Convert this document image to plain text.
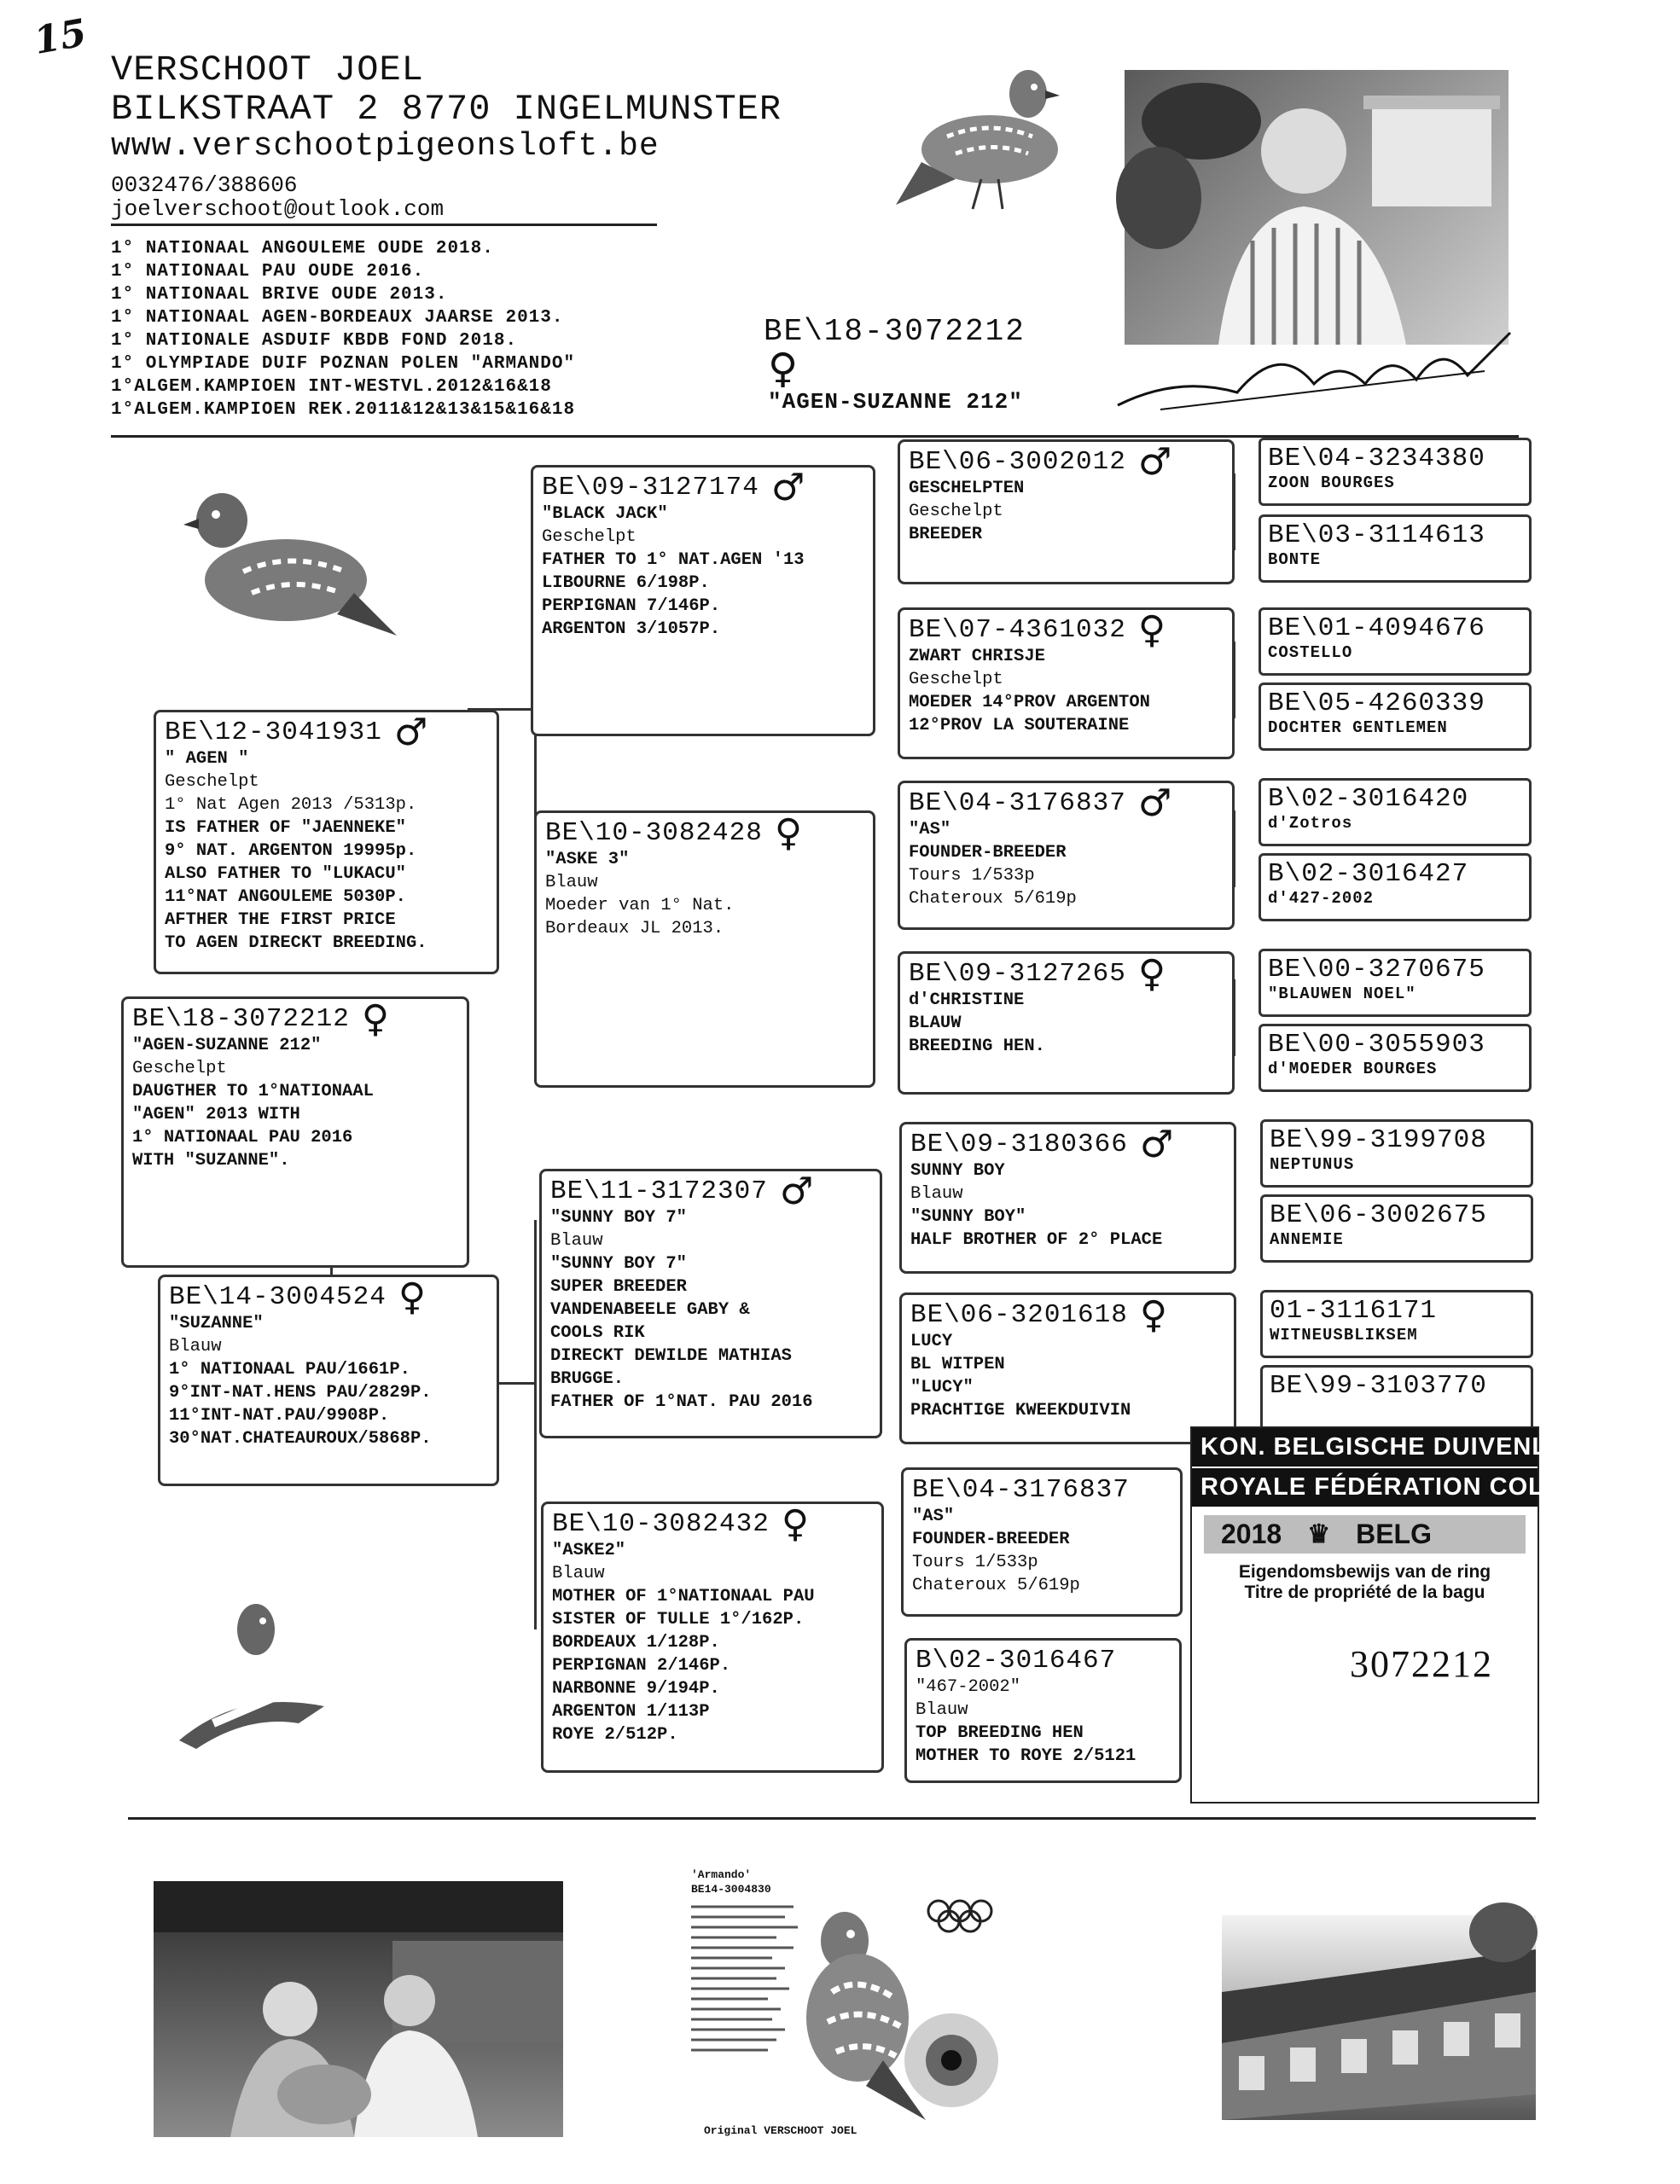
15
VERSCHOOT JOEL
BILKSTRAAT 2 8770 INGELMUNSTER
www.verschootpigeonsloft.be
0032476/388606
joelverschoot@outlook.com
1° NATIONAAL ANGOULEME OUDE 2018.
1° NATIONAAL PAU OUDE 2016.
1° NATIONAAL BRIVE OUDE 2013.
1° NATIONAAL AGEN-BORDEAUX JAARSE 2013.
1° NATIONALE ASDUIF KBDB FOND 2018.
1° OLYMPIADE DUIF POZNAN POLEN "ARMANDO"
1°ALGEM.KAMPIOEN INT-WESTVL.2012&16&18
1°ALGEM.KAMPIOEN REK.2011&12&13&15&16&18
BE\18-3072212
♀
"AGEN-SUZANNE 212"
BE\18-3072212 ♀
"AGEN-SUZANNE 212"
Geschelpt
DAUGTHER TO 1°NATIONAAL
"AGEN" 2013 WITH
1° NATIONAAL PAU 2016
WITH "SUZANNE".
BE\12-3041931 ♂
" AGEN "
Geschelpt
1° Nat Agen 2013 /5313p.
IS FATHER OF "JAENNEKE"
9° NAT. ARGENTON 19995p.
ALSO FATHER TO "LUKACU"
11°NAT ANGOULEME 5030P.
AFTHER THE FIRST PRICE
TO AGEN DIRECKT BREEDING.
BE\14-3004524 ♀
"SUZANNE"
Blauw
1° NATIONAAL PAU/1661P.
9°INT-NAT.HENS PAU/2829P.
11°INT-NAT.PAU/9908P.
30°NAT.CHATEAUROUX/5868P.
BE\09-3127174 ♂
"BLACK JACK"
Geschelpt
FATHER TO 1° NAT.AGEN '13
LIBOURNE 6/198P.
PERPIGNAN 7/146P.
ARGENTON 3/1057P.
BE\10-3082428 ♀
"ASKE 3"
Blauw
Moeder van 1° Nat.
Bordeaux JL 2013.
BE\11-3172307 ♂
"SUNNY BOY 7"
Blauw
"SUNNY BOY 7"
SUPER BREEDER
VANDENABEELE GABY &
COOLS RIK
DIRECKT DEWILDE MATHIAS
BRUGGE.
FATHER OF 1°NAT. PAU 2016
BE\10-3082432 ♀
"ASKE2"
Blauw
MOTHER OF 1°NATIONAAL PAU
SISTER OF TULLE 1°/162P.
BORDEAUX 1/128P.
PERPIGNAN 2/146P.
NARBONNE 9/194P.
ARGENTON 1/113P
ROYE 2/512P.
BE\06-3002012 ♂
GESCHELPTEN
Geschelpt
BREEDER
BE\07-4361032 ♀
ZWART CHRISJE
Geschelpt
MOEDER 14°PROV ARGENTON
12°PROV LA SOUTERAINE
BE\04-3176837 ♂
"AS"
FOUNDER-BREEDER
Tours 1/533p
Chateroux 5/619p
BE\09-3127265 ♀
d'CHRISTINE
BLAUW
BREEDING HEN.
BE\09-3180366 ♂
SUNNY BOY
Blauw
"SUNNY BOY"
HALF BROTHER OF 2° PLACE
BE\06-3201618 ♀
LUCY
BL WITPEN
"LUCY"
PRACHTIGE KWEEKDUIVIN
BE\04-3176837
"AS"
FOUNDER-BREEDER
Tours 1/533p
Chateroux 5/619p
B\02-3016467
"467-2002"
Blauw
TOP BREEDING HEN
MOTHER TO ROYE 2/5121
BE\04-3234380
ZOON BOURGES
BE\03-3114613
BONTE
BE\01-4094676
COSTELLO
BE\05-4260339
DOCHTER GENTLEMEN
B\02-3016420
d'Zotros
B\02-3016427
d'427-2002
BE\00-3270675
"BLAUWEN NOEL"
BE\00-3055903
d'MOEDER BOURGES
BE\99-3199708
NEPTUNUS
BE\06-3002675
ANNEMIE
01-3116171
WITNEUSBLIKSEM
BE\99-3103770
KON. BELGISCHE DUIVENLIEFHEBBE
ROYALE FÉDÉRATION COLOMBOPHI
2018 ♛ BELG
Eigendomsbewijs van de ring
Titre de propriété de la bagu
3072212
'Armando'
BE14-3004830
Original VERSCHOOT JOEL
